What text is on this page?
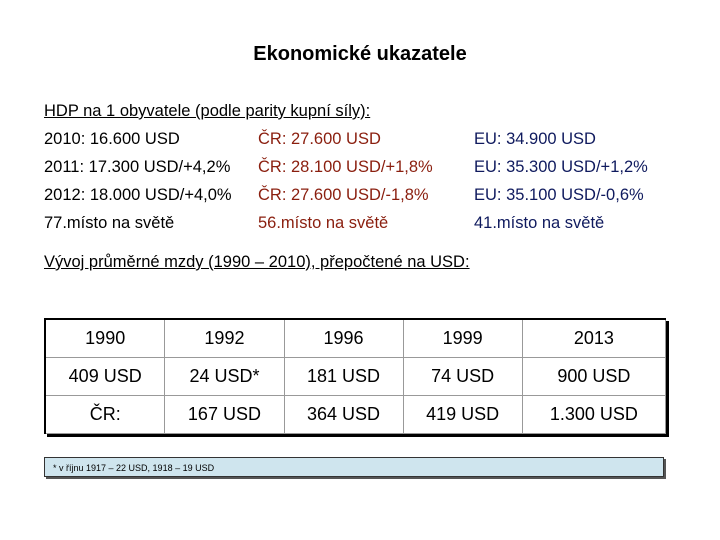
Ekonomické ukazatele
HDP na 1 obyvatele (podle parity kupní síly):
2010: 16.600 USD	ČR: 27.600 USD	EU: 34.900 USD
2011: 17.300 USD/+4,2% ČR: 28.100 USD/+1,8%	EU: 35.300 USD/+1,2%
2012: 18.000 USD/+4,0% ČR: 27.600 USD/-1,8%	EU: 35.100 USD/-0,6%
77.místo na světě	56.místo na světě	41.místo na světě
Vývoj průměrné mzdy (1990 – 2010), přepočtené na USD:
1990	1992	1996	1999	2013
409 USD	24 USD*	181 USD	74 USD	900 USD
ČR:	167 USD	364 USD	419 USD	1.300 USD
* v říjnu 1917 – 22 USD, 1918 – 19 USD
